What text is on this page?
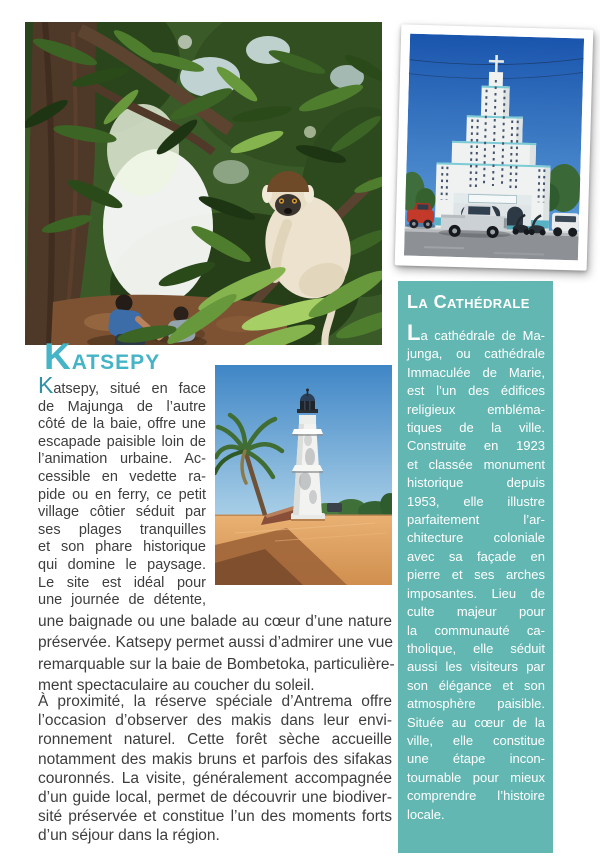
La Cathédrale
La cathédrale de Ma-
junga, ou cathédrale
Immaculée de Marie,
est l’un des édifices
religieux embléma-
tiques de la ville.
Construite en 1923
et classée monument
historique depuis
1953, elle illustre
parfaitement l’ar-
chitecture coloniale
avec sa façade en
pierre et ses arches
imposantes. Lieu de
culte majeur pour
la communauté ca-
tholique, elle séduit
aussi les visiteurs par
son élégance et son
atmosphère paisible.
Située au cœur de la
ville, elle constitue
une étape incon-
tournable pour mieux
comprendre l’histoire
locale.
Katsepy
Katsepy, situé en face
de Majunga de l’autre
côté de la baie, offre une
escapade paisible loin de
l’animation urbaine. Ac-
cessible en vedette ra-
pide ou en ferry, ce petit
village côtier séduit par
ses plages tranquilles
et son phare historique
qui domine le paysage.
Le site est idéal pour
une journée de détente,
une baignade ou une balade au cœur d’une nature
préservée. Katsepy permet aussi d’admirer une vue
remarquable sur la baie de Bombetoka, particulière-
ment spectaculaire au coucher du soleil.
À proximité, la réserve spéciale d’Antrema offre
l’occasion d’observer des makis dans leur envi-
ronnement naturel. Cette forêt sèche accueille
notamment des makis bruns et parfois des sifakas
couronnés. La visite, généralement accompagnée
d’un guide local, permet de découvrir une biodiver-
sité préservée et constitue l’un des moments forts
d’un séjour dans la région.
